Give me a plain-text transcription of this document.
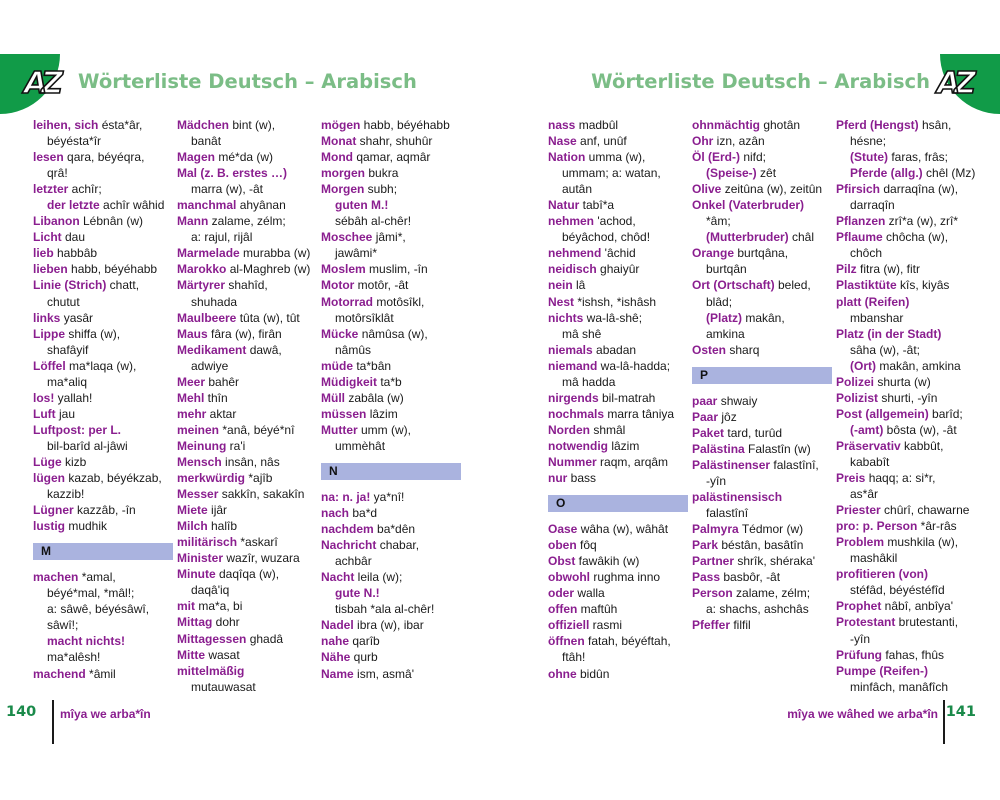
AZ Wörterliste Deutsch – Arabisch
leihen, sich ésta*âr,
béyésta*îr
lesen qara, béyéqra,
qrâ!
letzter achîr;
der letzte achîr wâhid
Libanon Lébnân (w)
Licht dau
lieb habbâb
lieben habb, béyéhabb
Linie (Strich) chatt,
chutut
links yasâr
Lippe shiffa (w),
shafâyif
Löffel ma*laqa (w),
ma*aliq
los! yallah!
Luft jau
Luftpost: per L.
bil-barîd al-jâwi
Lüge kizb
lügen kazab, béyékzab,
kazzib!
Lügner kazzâb, -în
lustig mudhik
M
machen *amal,
béyé*mal, *mâl!;
a: sâwê, béyésâwî,
sâwî!;
macht nichts!
ma*alêsh!
machend *âmil
Mädchen bint (w),
banât
Magen mé*da (w)
Mal (z. B. erstes …)
marra (w), -ât
manchmal ahyânan
Mann zalame, zélm;
a: rajul, rijâl
Marmelade murabba (w)
Marokko al-Maghreb (w)
Märtyrer shahîd,
shuhada
Maulbeere tûta (w), tût
Maus fâra (w), firân
Medikament dawâ,
adwiye
Meer bahêr
Mehl thîn
mehr aktar
meinen *anâ, béyé*nî
Meinung ra'i
Mensch insân, nâs
merkwürdig *ajîb
Messer sakkîn, sakakîn
Miete ijâr
Milch halîb
militärisch *askarî
Minister wazîr, wuzara
Minute daqîqa (w),
daqâ'iq
mit ma*a, bi
Mittag dohr
Mittagessen ghadâ
Mitte wasat
mittelmäßig
mutauwasat
mögen habb, béyéhabb
Monat shahr, shuhûr
Mond qamar, aqmâr
morgen bukra
Morgen subh;
guten M.!
sébâh al-chêr!
Moschee jâmi*,
jawâmi*
Moslem muslim, -în
Motor motôr, -ât
Motorrad motôsîkl,
motôrsîklât
Mücke nâmûsa (w),
nâmûs
müde ta*bân
Müdigkeit ta*b
Müll zabâla (w)
müssen lâzim
Mutter umm (w),
ummèhât
N
na: n. ja! ya*nî!
nach ba*d
nachdem ba*dên
Nachricht chabar,
achbâr
Nacht leila (w);
gute N.!
tisbah *ala al-chêr!
Nadel ibra (w), ibar
nahe qarîb
Nähe qurb
Name ism, asmâ'
140 mîya we arba*în
AZ
Wörterliste Deutsch – Arabisch
nass madbûl
Nase anf, unûf
Nation umma (w),
ummam; a: watan,
autân
Natur tabî*a
nehmen 'achod,
béyâchod, chôd!
nehmend 'âchid
neidisch ghaiyûr
nein lâ
Nest *ishsh, *ishâsh
nichts wa-lâ-shê;
mâ shê
niemals abadan
niemand wa-lâ-hadda;
mâ hadda
nirgends bil-matrah
nochmals marra tâniya
Norden shmâl
notwendig lâzim
Nummer raqm, arqâm
nur bass
O
Oase wâha (w), wâhât
oben fôq
Obst fawâkih (w)
obwohl rughma inno
oder walla
offen maftûh
offiziell rasmi
öffnen fatah, béyéftah,
ftâh!
ohne bidûn
ohnmächtig ghotân
Ohr izn, azân
Öl (Erd-) nifd;
(Speise-) zêt
Olive zeitûna (w), zeitûn
Onkel (Vaterbruder)
*âm;
(Mutterbruder) châl
Orange burtqâna,
burtqân
Ort (Ortschaft) beled,
blâd;
(Platz) makân,
amkina
Osten sharq
P
paar shwaiy
Paar jôz
Paket tard, turûd
Palästina Falastîn (w)
Palästinenser falastînî,
-yîn
palästinensisch
falastînî
Palmyra Tédmor (w)
Park béstân, basâtîn
Partner shrîk, shéraka'
Pass basbôr, -ât
Person zalame, zélm;
a: shachs, ashchâs
Pfeffer filfil
Pferd (Hengst) hsân,
hésne;
(Stute) faras, frâs;
Pferde (allg.) chêl (Mz)
Pfirsich darraqîna (w),
darraqîn
Pflanzen zrî*a (w), zrî*
Pflaume chôcha (w),
chôch
Pilz fitra (w), fitr
Plastiktüte kîs, kiyâs
platt (Reifen)
mbanshar
Platz (in der Stadt)
sâha (w), -ât;
(Ort) makân, amkina
Polizei shurta (w)
Polizist shurti, -yîn
Post (allgemein) barîd;
(-amt) bôsta (w), -ât
Präservativ kabbût,
kababît
Preis haqq; a: si*r,
as*âr
Priester chûrî, chawarne
pro: p. Person *âr-râs
Problem mushkila (w),
mashâkil
profitieren (von)
stéfâd, béyéstéfîd
Prophet nâbî, anbîya'
Protestant brutestanti,
-yîn
Prüfung fahas, fhûs
Pumpe (Reifen-)
minfâch, manâfîch
mîya we wâhed we arba*în 141
